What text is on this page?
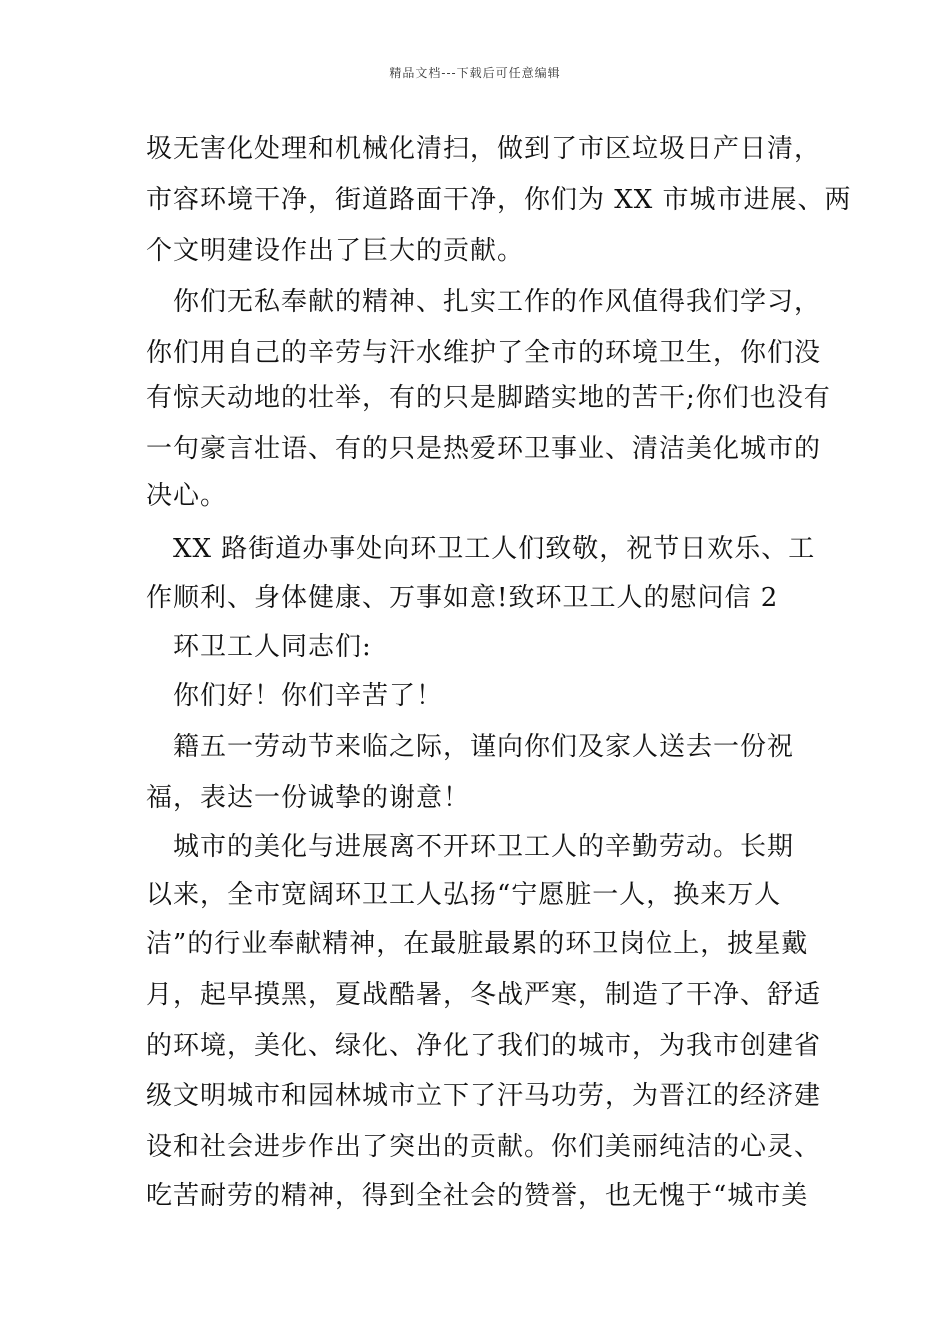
精品文档---下载后可任意编辑
圾无害化处理和机械化清扫，做到了市区垃圾日产日清，
市容环境干净，街道路面干净，你们为 XX 市城市进展、两
个文明建设作出了巨大的贡献。
　你们无私奉献的精神、扎实工作的作风值得我们学习，
你们用自己的辛劳与汗水维护了全市的环境卫生，你们没
有惊天动地的壮举，有的只是脚踏实地的苦干;你们也没有
一句豪言壮语、有的只是热爱环卫事业、清洁美化城市的
决心。
　XX 路街道办事处向环卫工人们致敬，祝节日欢乐、工
作顺利、身体健康、万事如意!致环卫工人的慰问信 2
　环卫工人同志们:
　你们好！你们辛苦了！
　籍五一劳动节来临之际，谨向你们及家人送去一份祝
福，表达一份诚挚的谢意！
　城市的美化与进展离不开环卫工人的辛勤劳动。长期
以来，全市宽阔环卫工人弘扬“宁愿脏一人，换来万人
洁”的行业奉献精神，在最脏最累的环卫岗位上，披星戴
月，起早摸黑，夏战酷暑，冬战严寒，制造了干净、舒适
的环境，美化、绿化、净化了我们的城市，为我市创建省
级文明城市和园林城市立下了汗马功劳，为晋江的经济建
设和社会进步作出了突出的贡献。你们美丽纯洁的心灵、
吃苦耐劳的精神，得到全社会的赞誉，也无愧于“城市美
